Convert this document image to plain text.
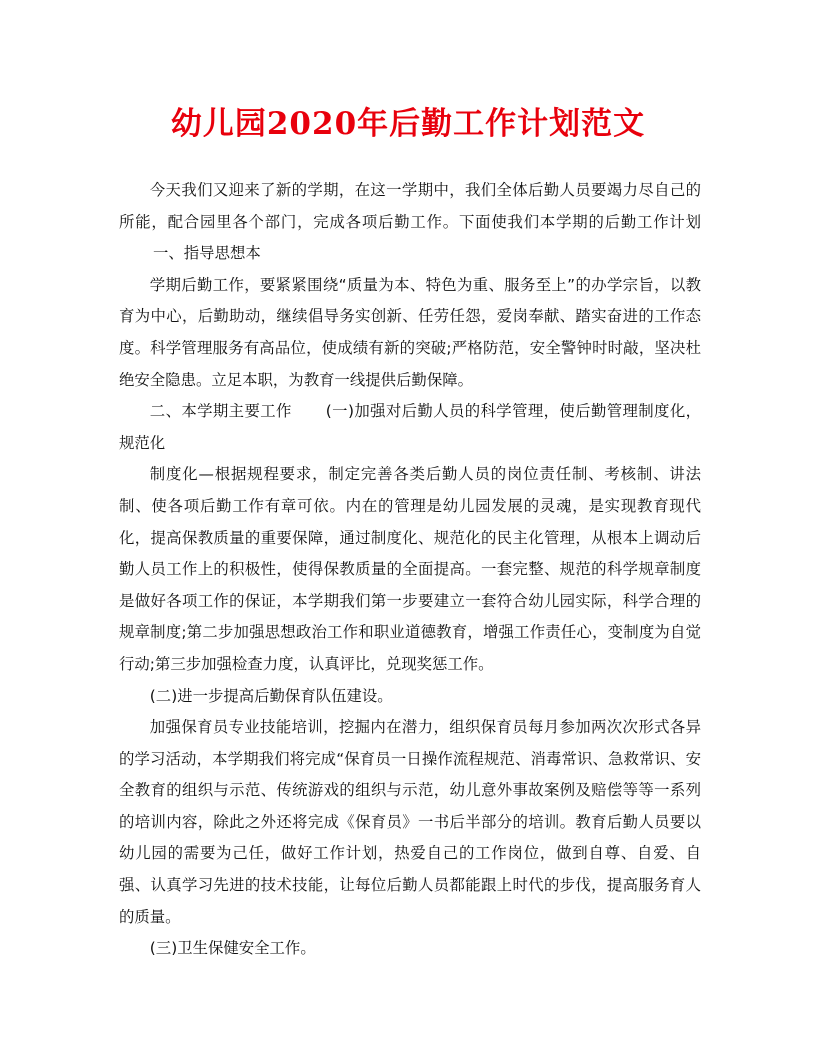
幼儿园2020年后勤工作计划范文

今天我们又迎来了新的学期，在这一学期中，我们全体后勤人员要竭力尽自己的所能，配合园里各个部门，完成各项后勤工作。下面使我们本学期的后勤工作计划一、指导思想本

学期后勤工作，要紧紧围绕“质量为本、特色为重、服务至上”的办学宗旨，以教育为中心，后勤助动，继续倡导务实创新、任劳任怨，爱岗奉献、踏实奋进的工作态度。科学管理服务有高品位，使成绩有新的突破;严格防范，安全警钟时时敲，坚决杜绝安全隐患。立足本职，为教育一线提供后勤保障。

二、本学期主要工作 (一)加强对后勤人员的科学管理，使后勤管理制度化，规范化

制度化—根据规程要求，制定完善各类后勤人员的岗位责任制、考核制、讲法制、使各项后勤工作有章可依。内在的管理是幼儿园发展的灵魂，是实现教育现代化，提高保教质量的重要保障，通过制度化、规范化的民主化管理，从根本上调动后勤人员工作上的积极性，使得保教质量的全面提高。一套完整、规范的科学规章制度是做好各项工作的保证，本学期我们第一步要建立一套符合幼儿园实际，科学合理的规章制度;第二步加强思想政治工作和职业道德教育，增强工作责任心，变制度为自觉行动;第三步加强检查力度，认真评比，兑现奖惩工作。

(二)进一步提高后勤保育队伍建设。

加强保育员专业技能培训，挖掘内在潜力，组织保育员每月参加两次次形式各异的学习活动，本学期我们将完成“保育员一日操作流程规范、消毒常识、急救常识、安全教育的组织与示范、传统游戏的组织与示范，幼儿意外事故案例及赔偿等等一系列的培训内容，除此之外还将完成《保育员》一书后半部分的培训。教育后勤人员要以幼儿园的需要为己任，做好工作计划，热爱自己的工作岗位，做到自尊、自爱、自强、认真学习先进的技术技能，让每位后勤人员都能跟上时代的步伐，提高服务育人的质量。

(三)卫生保健安全工作。
